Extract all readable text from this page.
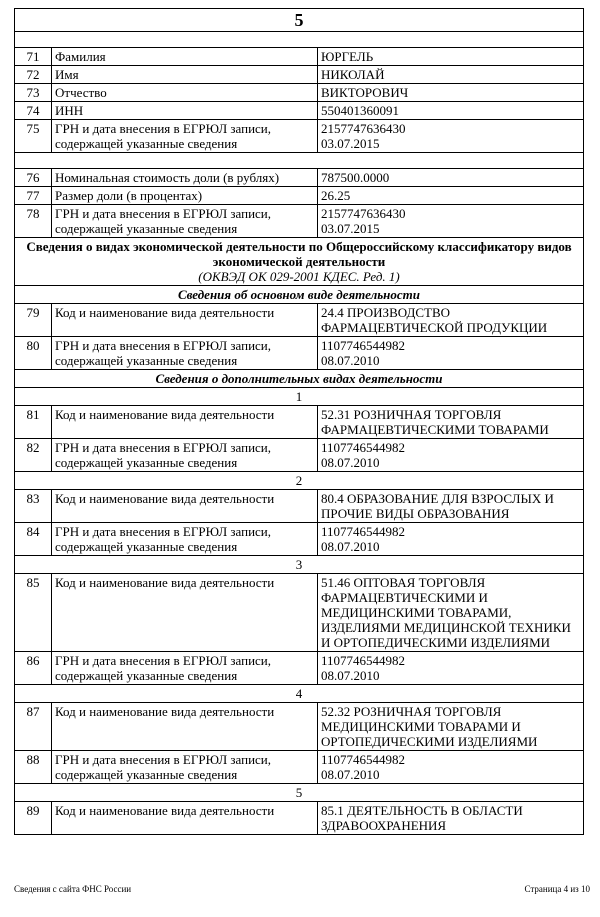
5		

71	Фамилия	ЮРГЕЛЬ
72	Имя	НИКОЛАЙ
73	Отчество	ВИКТОРОВИЧ
74	ИНН	550401360091
75	ГРН и дата внесения в ЕГРЮЛ записи, содержащей указанные сведения	2157747636430
03.07.2015

76	Номинальная стоимость доли (в рублях)	787500.0000
77	Размер доли (в процентах)	26.25
78	ГРН и дата внесения в ЕГРЮЛ записи, содержащей указанные сведения	2157747636430
03.07.2015

Сведения о видах экономической деятельности по Общероссийскому классификатору видов экономической деятельности
(ОКВЭД ОК 029-2001 КДЕС. Ред. 1)		

Сведения об основном виде деятельности		
79	Код и наименование вида деятельности	24.4 ПРОИЗВОДСТВО ФАРМАЦЕВТИЧЕСКОЙ ПРОДУКЦИИ
80	ГРН и дата внесения в ЕГРЮЛ записи, содержащей указанные сведения	1107746544982
08.07.2010
Сведения о дополнительных видах деятельности		
1		
81	Код и наименование вида деятельности	52.31 РОЗНИЧНАЯ ТОРГОВЛЯ ФАРМАЦЕВТИЧЕСКИМИ ТОВАРАМИ
82	ГРН и дата внесения в ЕГРЮЛ записи, содержащей указанные сведения	1107746544982
08.07.2010
2		
83	Код и наименование вида деятельности	80.4 ОБРАЗОВАНИЕ ДЛЯ ВЗРОСЛЫХ И ПРОЧИЕ ВИДЫ ОБРАЗОВАНИЯ
84	ГРН и дата внесения в ЕГРЮЛ записи, содержащей указанные сведения	1107746544982
08.07.2010
3		
85	Код и наименование вида деятельности	51.46 ОПТОВАЯ ТОРГОВЛЯ ФАРМАЦЕВТИЧЕСКИМИ И МЕДИЦИНСКИМИ ТОВАРАМИ, ИЗДЕЛИЯМИ МЕДИЦИНСКОЙ ТЕХНИКИ И ОРТОПЕДИЧЕСКИМИ ИЗДЕЛИЯМИ
86	ГРН и дата внесения в ЕГРЮЛ записи, содержащей указанные сведения	1107746544982
08.07.2010
4		
87	Код и наименование вида деятельности	52.32 РОЗНИЧНАЯ ТОРГОВЛЯ МЕДИЦИНСКИМИ ТОВАРАМИ И ОРТОПЕДИЧЕСКИМИ ИЗДЕЛИЯМИ
88	ГРН и дата внесения в ЕГРЮЛ записи, содержащей указанные сведения	1107746544982
08.07.2010
5		
89	Код и наименование вида деятельности	85.1 ДЕЯТЕЛЬНОСТЬ В ОБЛАСТИ ЗДРАВООХРАНЕНИЯ
Сведения с сайта ФНС России	Страница 4 из 10
